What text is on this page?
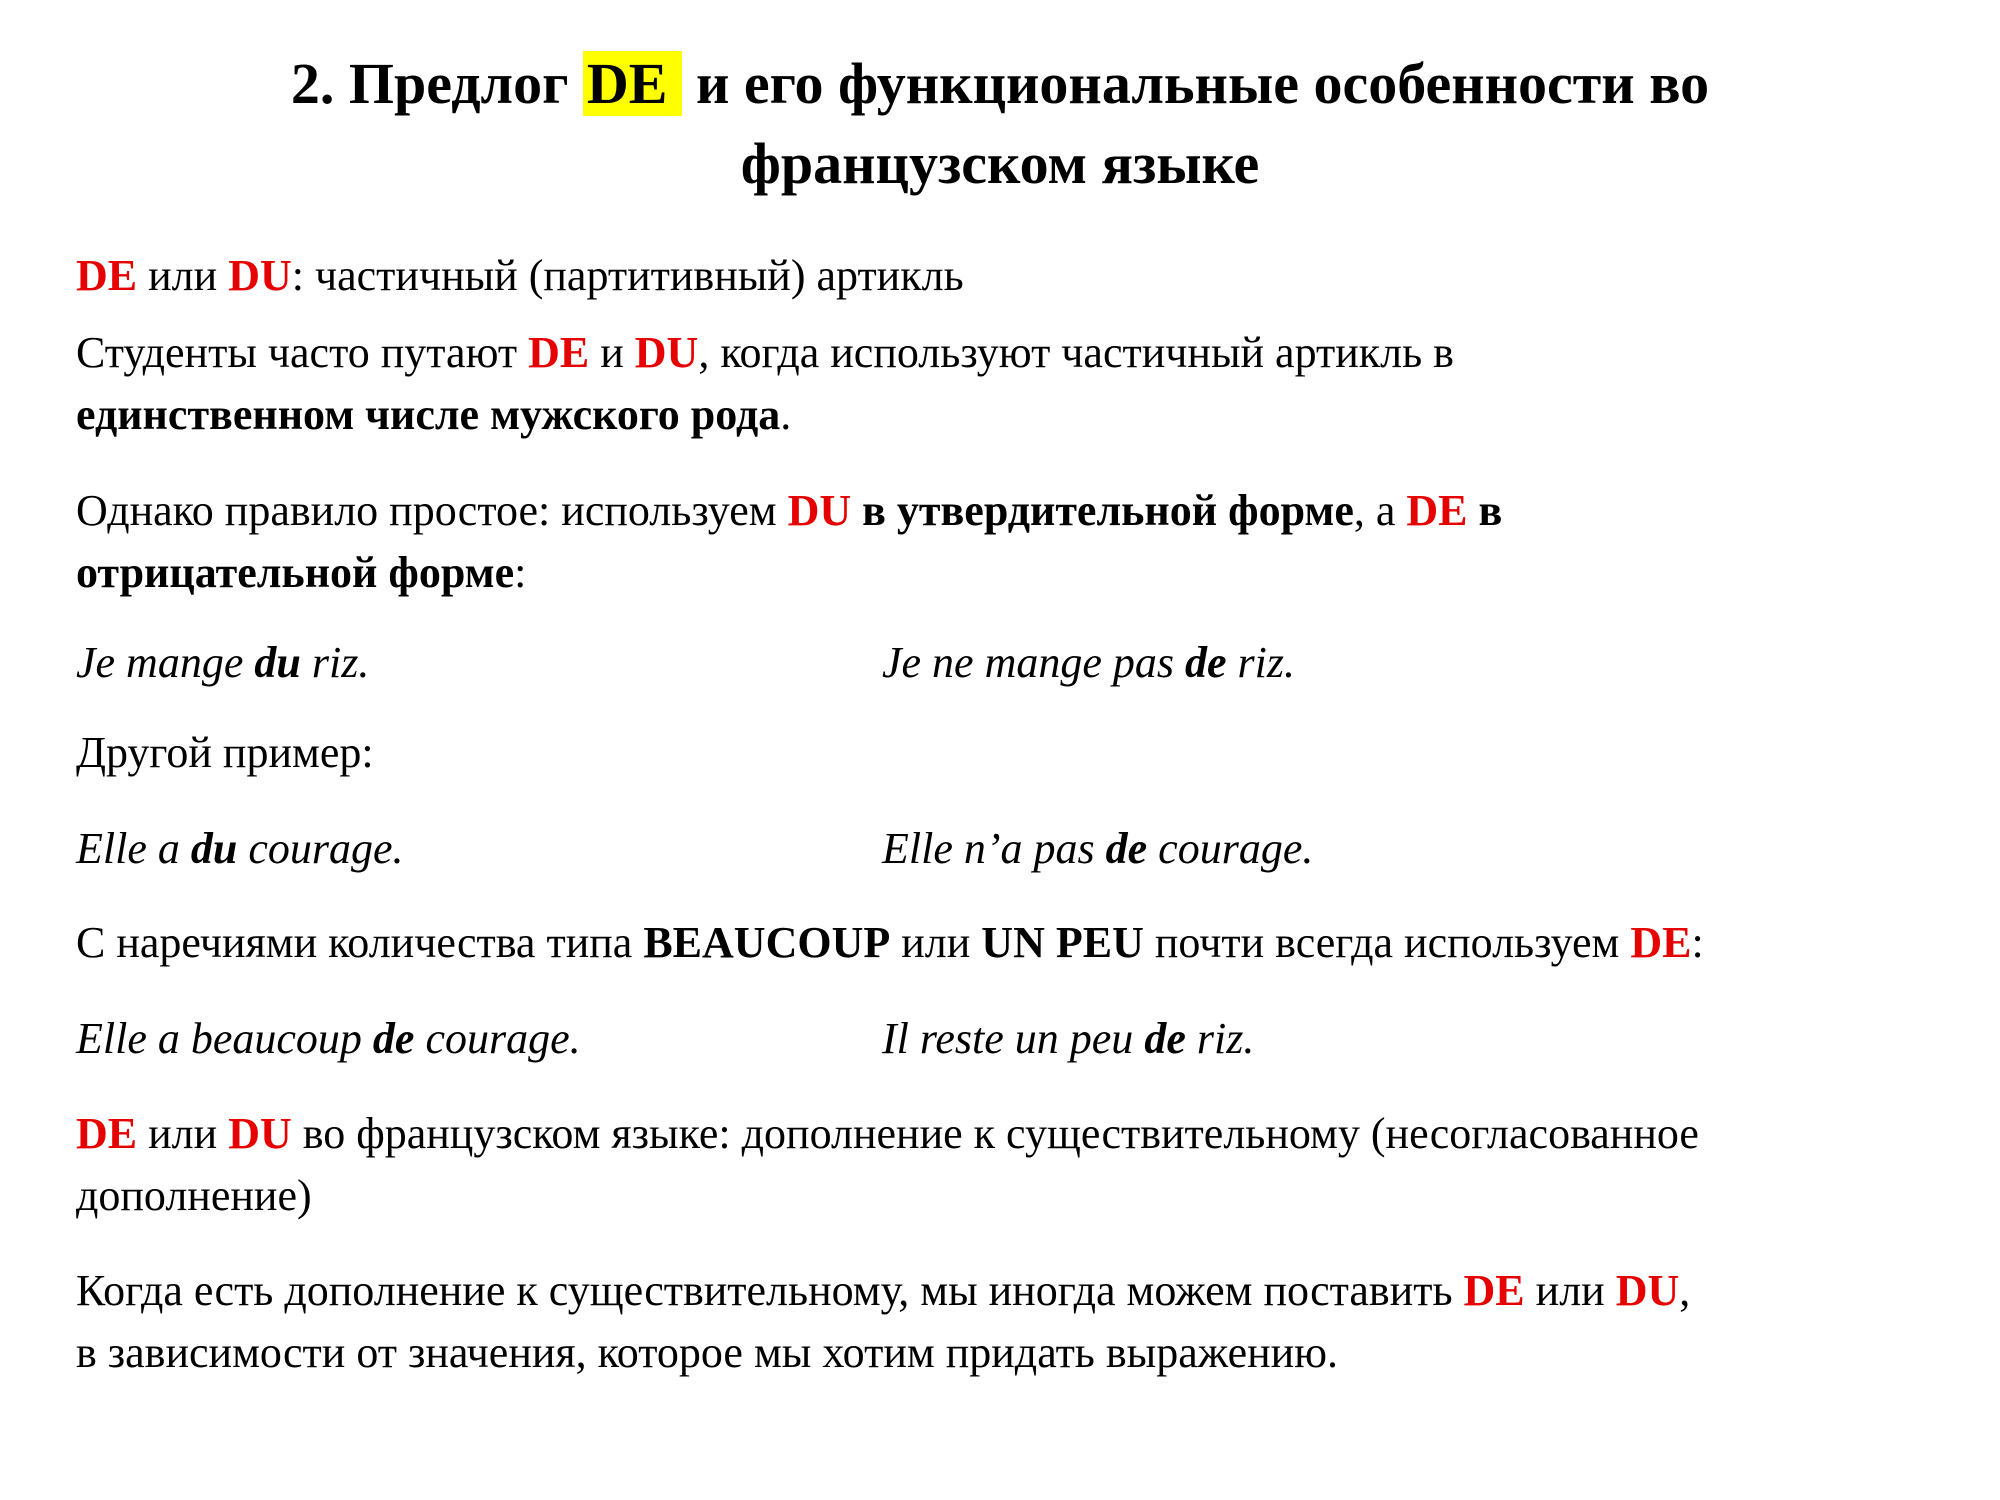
2. Предлог DE и его функциональные особенности во
французском языке
DE или DU: частичный (партитивный) артикль
Студенты часто путают DE и DU, когда используют частичный артикль в
единственном числе мужского рода.
Однако правило простое: используем DU в утвердительной форме, а DE в
отрицательной форме:
Je mange du riz.	Je ne mange pas de riz.
Другой пример:
Elle a du courage.	Elle n’a pas de courage.
С наречиями количества типа BEAUCOUP или UN PEU почти всегда используем DE:
Elle a beaucoup de courage.	Il reste un peu de riz.
DE или DU во французском языке: дополнение к существительному (несогласованное
дополнение)
Когда есть дополнение к существительному, мы иногда можем поставить DE или DU,
в зависимости от значения, которое мы хотим придать выражению.
